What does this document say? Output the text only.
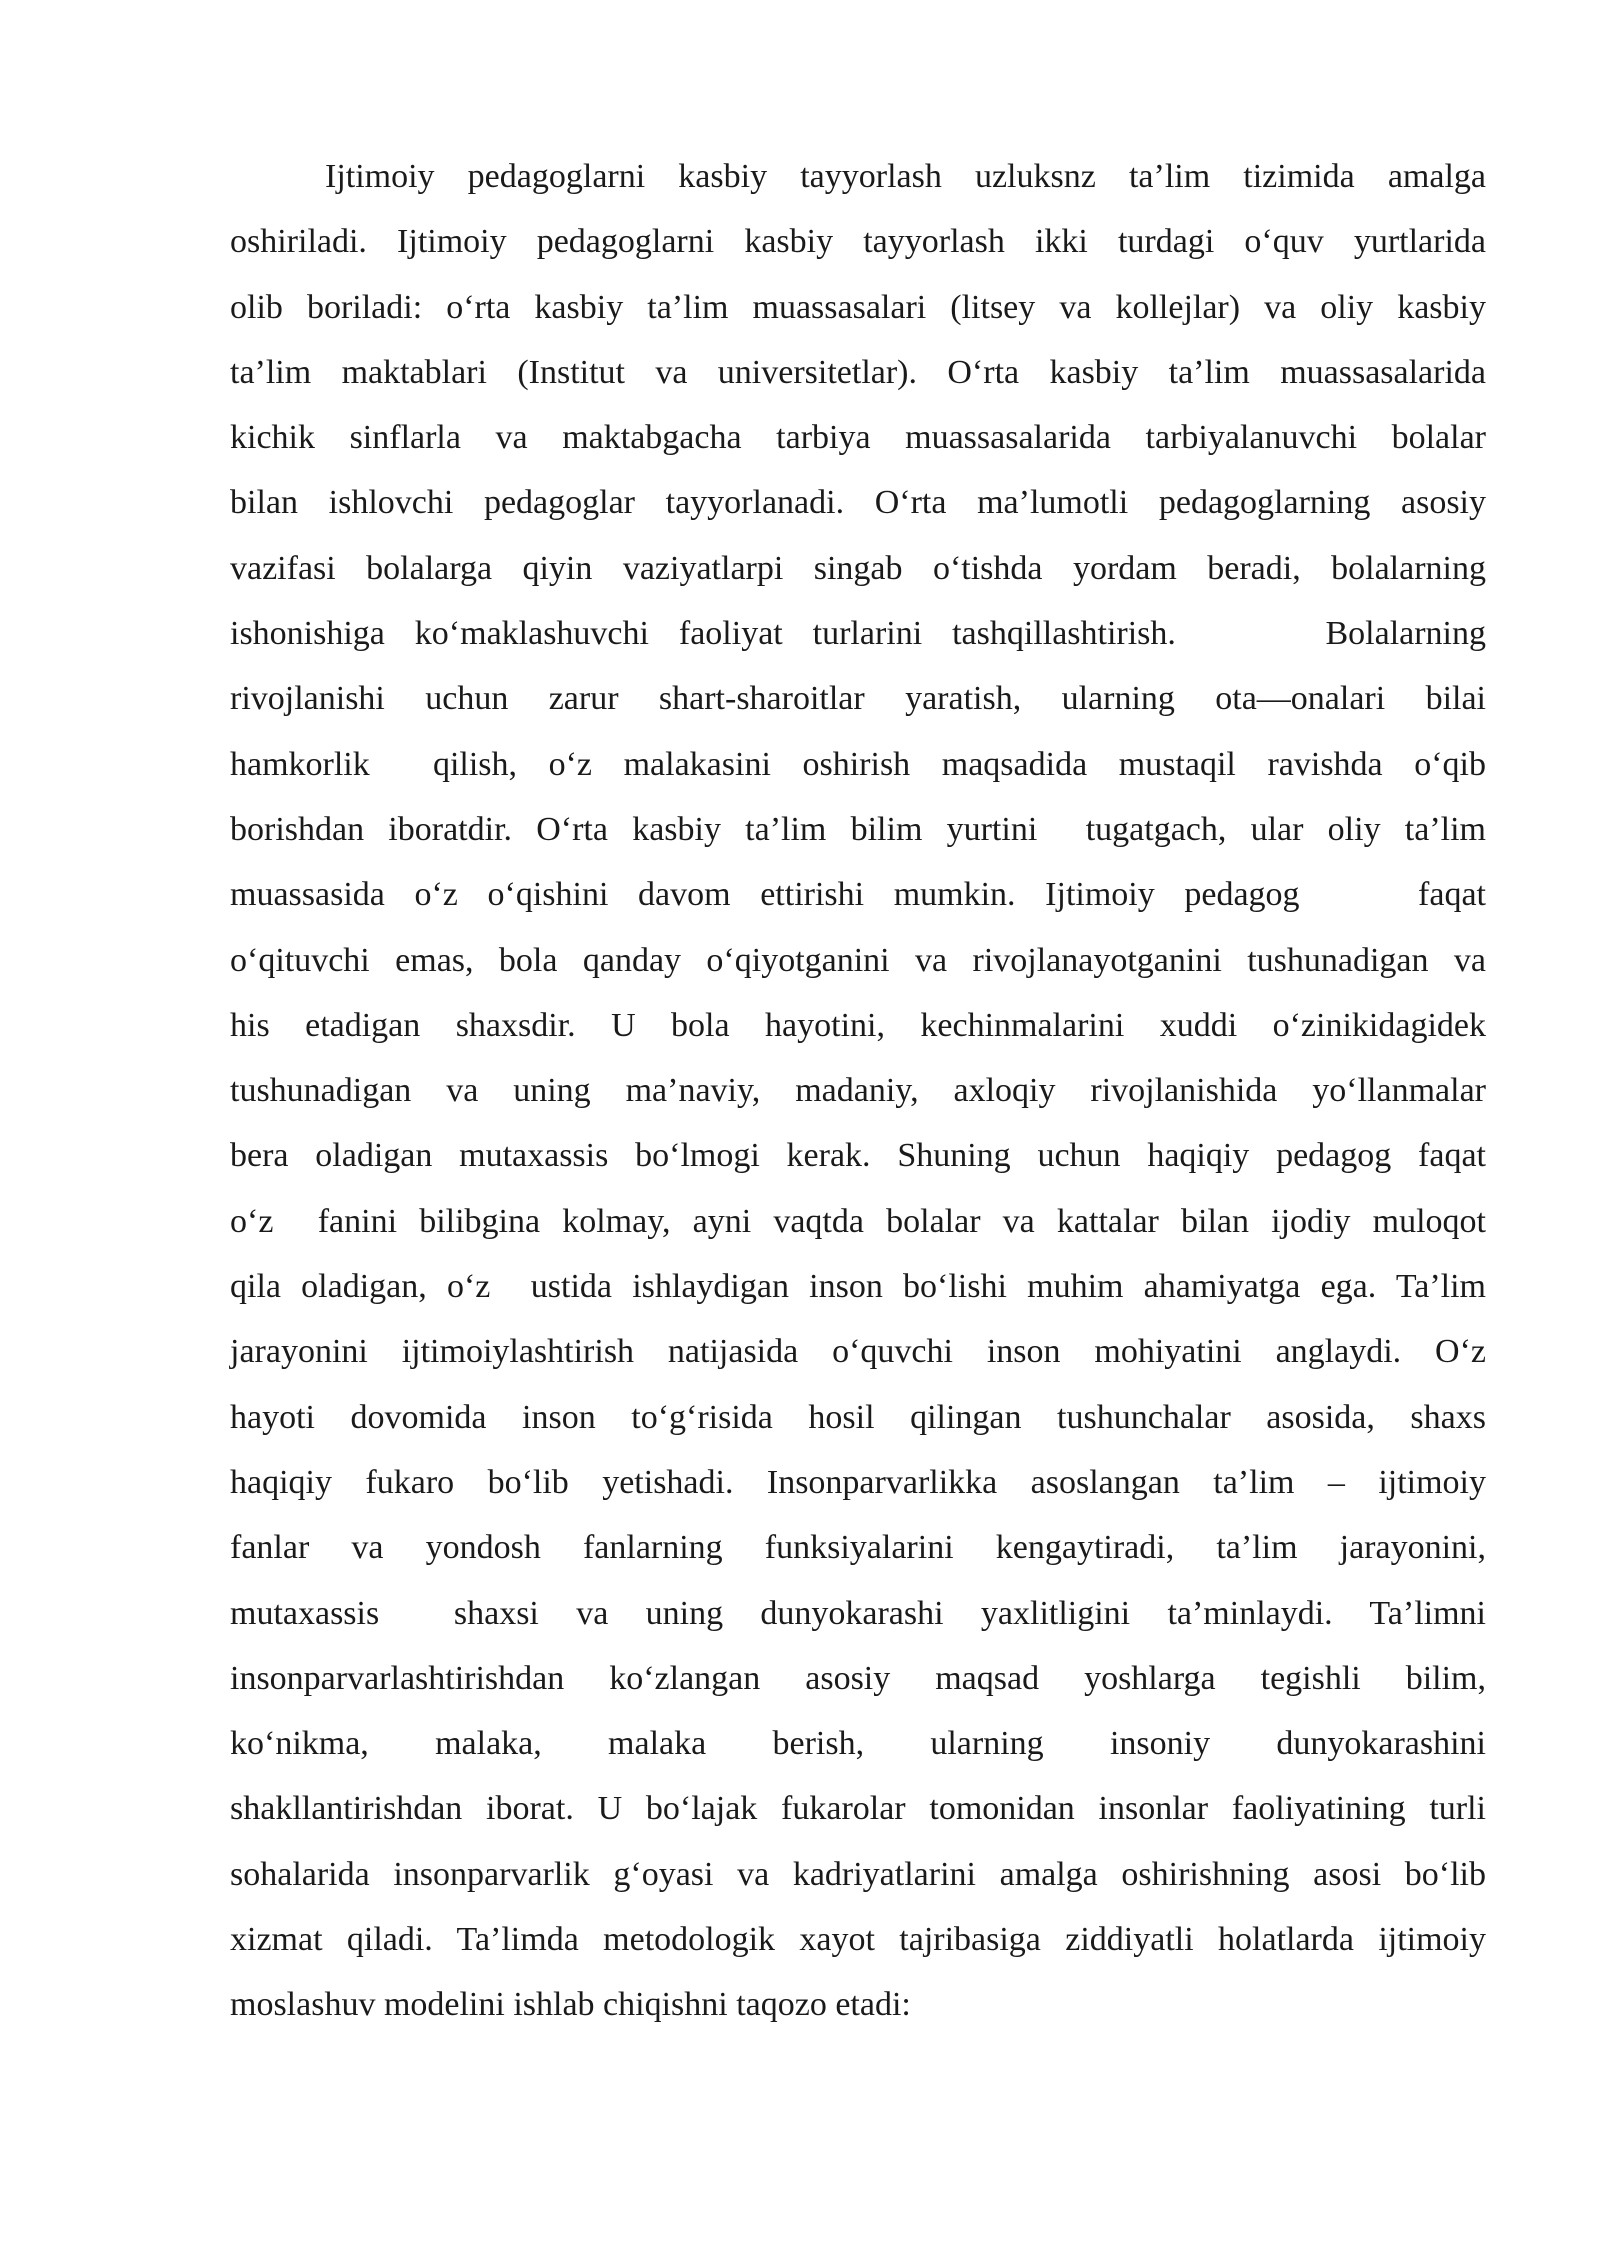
Ijtimoiy pedagoglarni kasbiy tayyorlash uzluksnz ta’lim tizimida amalga
oshiriladi. Ijtimoiy pedagoglarni kasbiy tayyorlash ikki turdagi o‘quv yurtlarida
olib boriladi: o‘rta kasbiy ta’lim muassasalari (litsey va kollejlar) va oliy kasbiy
ta’lim maktablari (Institut va universitetlar). O‘rta kasbiy ta’lim muassasalarida
kichik sinflarla va maktabgacha tarbiya muassasalarida tarbiyalanuvchi bolalar
bilan ishlovchi pedagoglar tayyorlanadi. O‘rta ma’lumotli pedagoglarning asosiy
vazifasi bolalarga qiyin vaziyatlarpi singab o‘tishda yordam beradi, bolalarning
ishonishiga ko‘maklashuvchi faoliyat turlarini tashqillashtirish.     Bolalarning
rivojlanishi uchun zarur shart-sharoitlar yaratish, ularning ota—onalari bilai
hamkorlik  qilish, o‘z malakasini oshirish maqsadida mustaqil ravishda o‘qib
borishdan iboratdir. O‘rta kasbiy ta’lim bilim yurtini  tugatgach, ular oliy ta’lim
muassasida o‘z o‘qishini davom ettirishi mumkin. Ijtimoiy pedagog    faqat
o‘qituvchi emas, bola qanday o‘qiyotganini va rivojlanayotganini tushunadigan va
his etadigan shaxsdir. U bola hayotini, kechinmalarini xuddi o‘zinikidagidek
tushunadigan va uning ma’naviy, madaniy, axloqiy rivojlanishida yo‘llanmalar
bera oladigan mutaxassis bo‘lmogi kerak. Shuning uchun haqiqiy pedagog faqat
o‘z  fanini bilibgina kolmay, ayni vaqtda bolalar va kattalar bilan ijodiy muloqot
qila oladigan, o‘z  ustida ishlaydigan inson bo‘lishi muhim ahamiyatga ega. Ta’lim
jarayonini ijtimoiylashtirish natijasida o‘quvchi inson mohiyatini anglaydi. O‘z
hayoti dovomida inson to‘g‘risida hosil qilingan tushunchalar asosida, shaxs
haqiqiy fukaro bo‘lib yetishadi. Insonparvarlikka asoslangan ta’lim – ijtimoiy
fanlar va yondosh fanlarning funksiyalarini kengaytiradi, ta’lim jarayonini,
mutaxassis  shaxsi va uning dunyokarashi yaxlitligini ta’minlaydi. Ta’limni
insonparvarlashtirishdan ko‘zlangan asosiy maqsad yoshlarga tegishli bilim,
ko‘nikma, malaka, malaka berish, ularning insoniy dunyokarashini
shakllantirishdan iborat. U bo‘lajak fukarolar tomonidan insonlar faoliyatining turli
sohalarida insonparvarlik g‘oyasi va kadriyatlarini amalga oshirishning asosi bo‘lib
xizmat qiladi. Ta’limda metodologik xayot tajribasiga ziddiyatli holatlarda ijtimoiy
moslashuv modelini ishlab chiqishni taqozo etadi:
